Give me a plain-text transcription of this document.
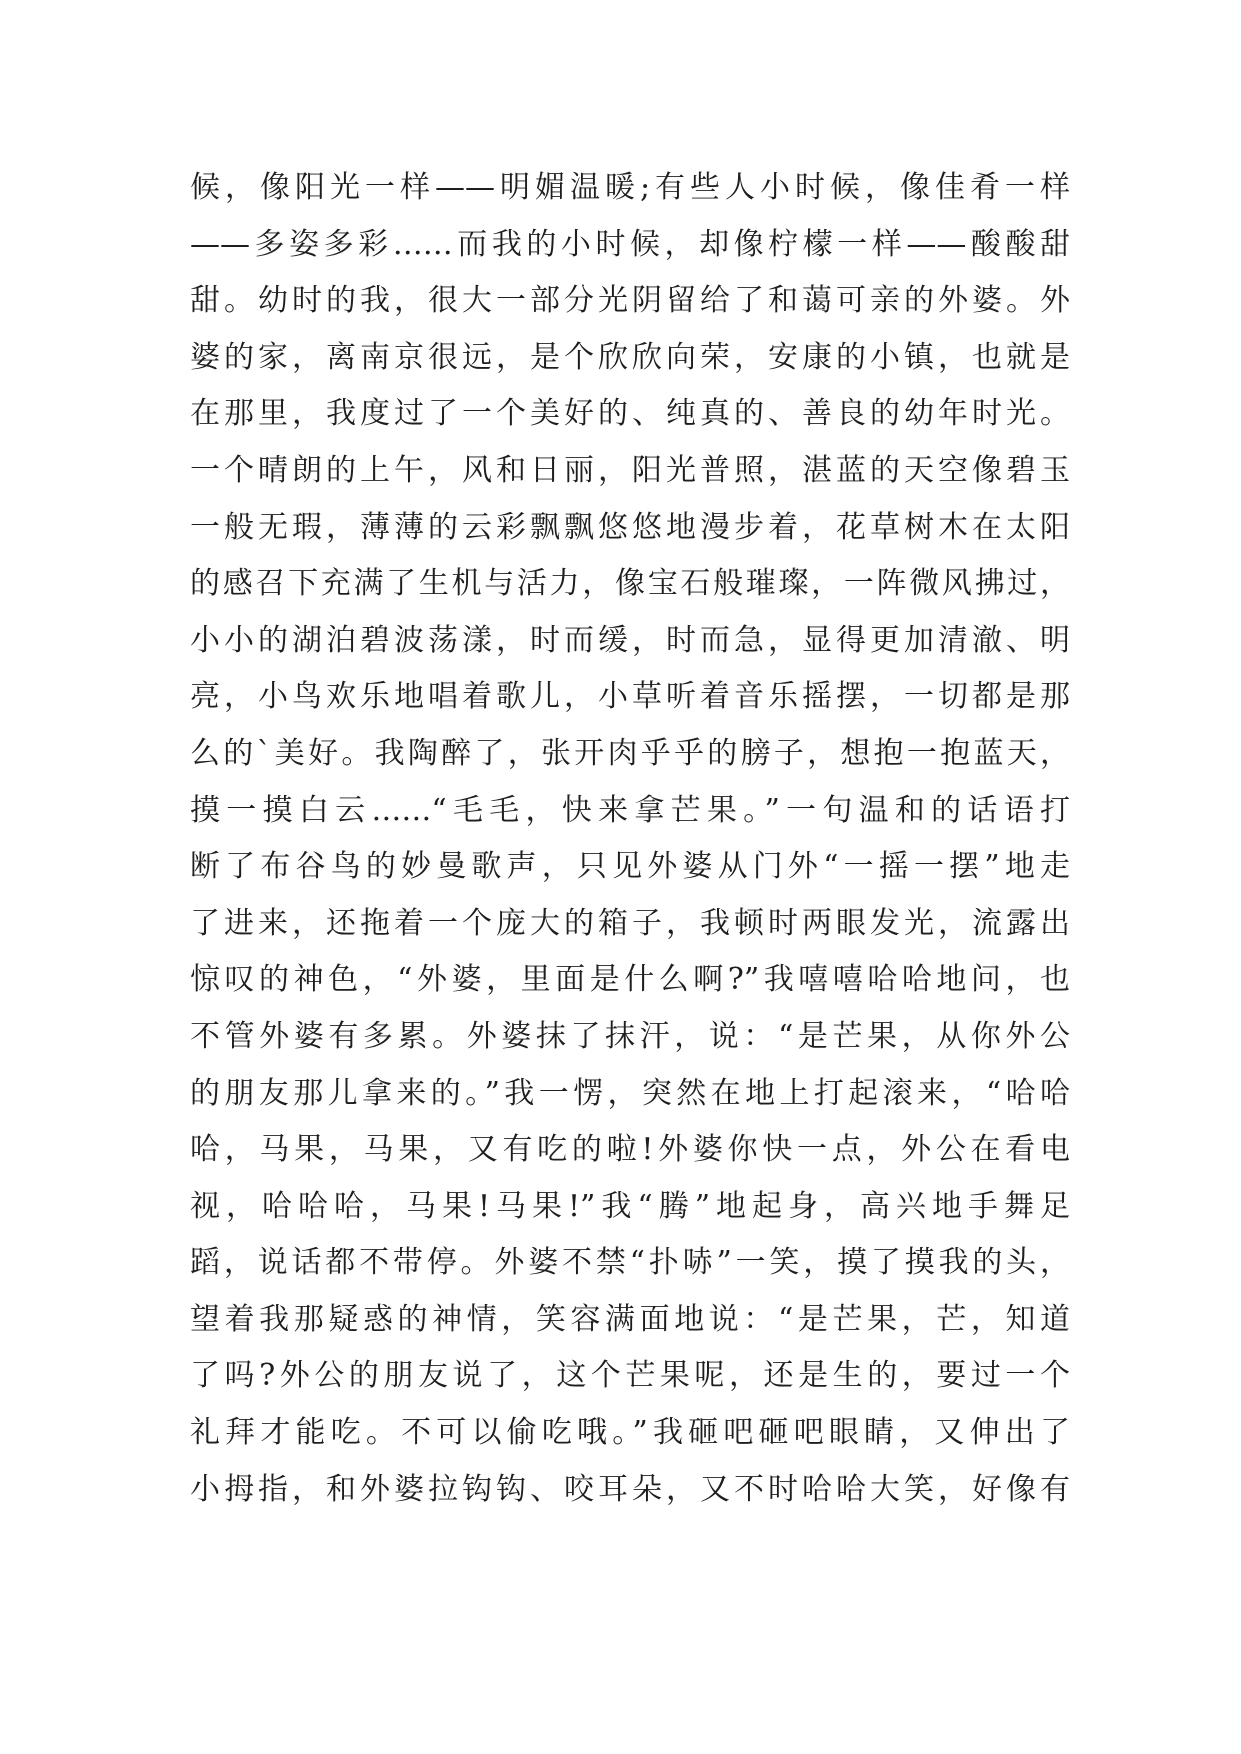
候，像阳光一样——明媚温暖;有些人小时候，像佳肴一样
——多姿多彩……而我的小时候，却像柠檬一样——酸酸甜
甜。幼时的我，很大一部分光阴留给了和蔼可亲的外婆。外
婆的家，离南京很远，是个欣欣向荣，安康的小镇，也就是
在那里，我度过了一个美好的、纯真的、善良的幼年时光。
一个晴朗的上午，风和日丽，阳光普照，湛蓝的天空像碧玉
一般无瑕，薄薄的云彩飘飘悠悠地漫步着，花草树木在太阳
的感召下充满了生机与活力，像宝石般璀璨，一阵微风拂过，
小小的湖泊碧波荡漾，时而缓，时而急，显得更加清澈、明
亮，小鸟欢乐地唱着歌儿，小草听着音乐摇摆，一切都是那
么的`美好。我陶醉了，张开肉乎乎的膀子，想抱一抱蓝天，
摸一摸白云……“毛毛，快来拿芒果。”一句温和的话语打
断了布谷鸟的妙曼歌声，只见外婆从门外“一摇一摆”地走
了进来，还拖着一个庞大的箱子，我顿时两眼发光，流露出
惊叹的神色，“外婆，里面是什么啊?”我嘻嘻哈哈地问，也
不管外婆有多累。外婆抹了抹汗，说：“是芒果，从你外公
的朋友那儿拿来的。”我一愣，突然在地上打起滚来，“哈哈
哈，马果，马果，又有吃的啦!外婆你快一点，外公在看电
视，哈哈哈，马果!马果!”我“腾”地起身，高兴地手舞足
蹈，说话都不带停。外婆不禁“扑哧”一笑，摸了摸我的头，
望着我那疑惑的神情，笑容满面地说：“是芒果，芒，知道
了吗?外公的朋友说了，这个芒果呢，还是生的，要过一个
礼拜才能吃。不可以偷吃哦。”我砸吧砸吧眼睛，又伸出了
小拇指，和外婆拉钩钩、咬耳朵，又不时哈哈大笑，好像有
